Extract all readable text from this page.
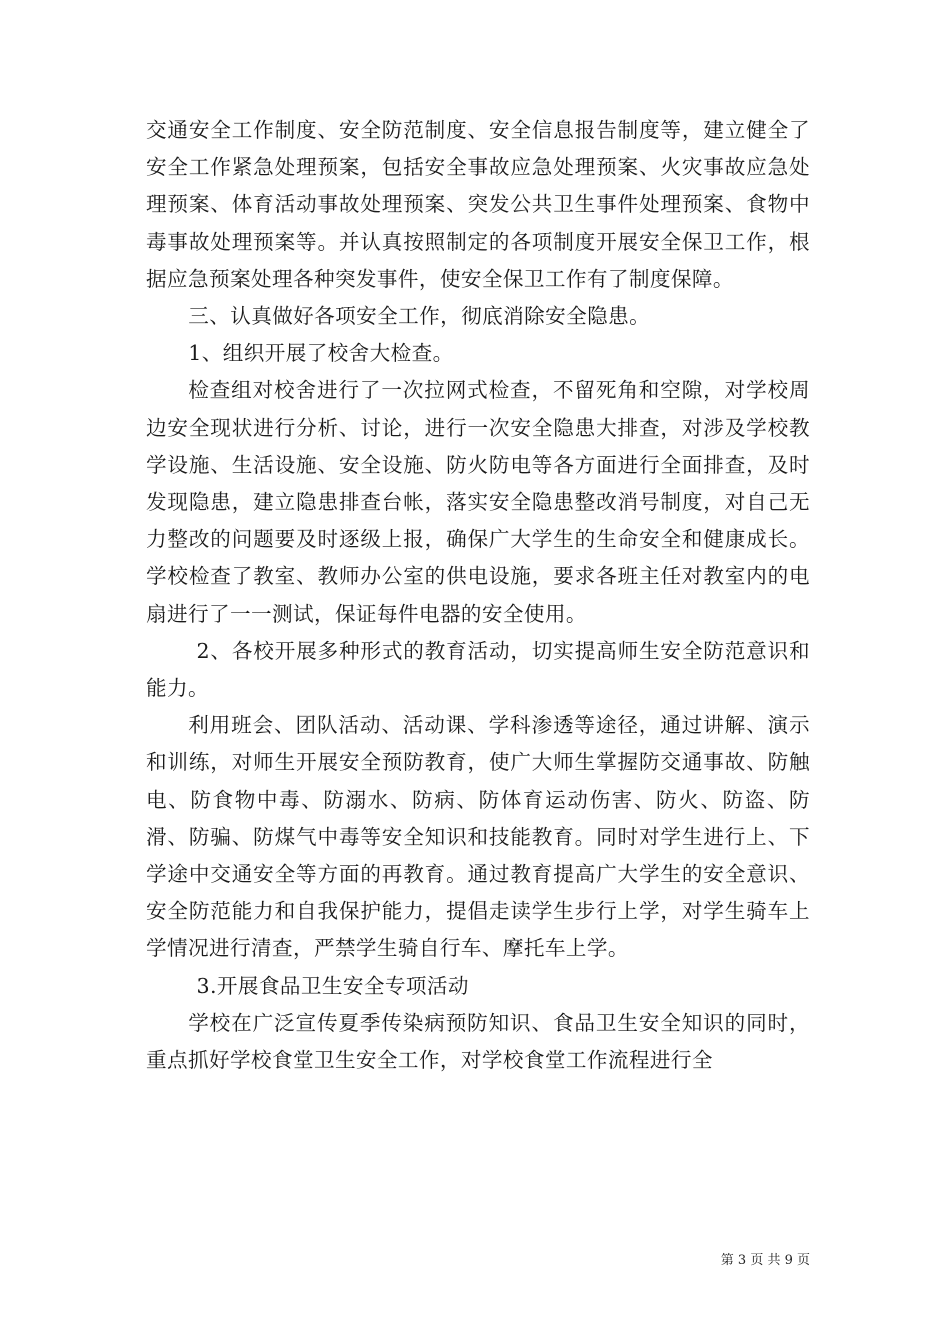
交通安全工作制度、安全防范制度、安全信息报告制度等，建立健全了安全工作紧急处理预案，包括安全事故应急处理预案、火灾事故应急处理预案、体育活动事故处理预案、突发公共卫生事件处理预案、食物中毒事故处理预案等。并认真按照制定的各项制度开展安全保卫工作，根据应急预案处理各种突发事件，使安全保卫工作有了制度保障。

三、认真做好各项安全工作，彻底消除安全隐患。

1、组织开展了校舍大检查。

检查组对校舍进行了一次拉网式检查，不留死角和空隙，对学校周边安全现状进行分析、讨论，进行一次安全隐患大排查，对涉及学校教学设施、生活设施、安全设施、防火防电等各方面进行全面排查，及时发现隐患，建立隐患排查台帐，落实安全隐患整改消号制度，对自己无力整改的问题要及时逐级上报，确保广大学生的生命安全和健康成长。学校检查了教室、教师办公室的供电设施，要求各班主任对教室内的电扇进行了一一测试，保证每件电器的安全使用。

2、各校开展多种形式的教育活动，切实提高师生安全防范意识和能力。

利用班会、团队活动、活动课、学科渗透等途径，通过讲解、演示和训练，对师生开展安全预防教育，使广大师生掌握防交通事故、防触电、防食物中毒、防溺水、防病、防体育运动伤害、防火、防盗、防滑、防骗、防煤气中毒等安全知识和技能教育。同时对学生进行上、下学途中交通安全等方面的再教育。通过教育提高广大学生的安全意识、安全防范能力和自我保护能力，提倡走读学生步行上学，对学生骑车上学情况进行清查，严禁学生骑自行车、摩托车上学。

3.开展食品卫生安全专项活动

学校在广泛宣传夏季传染病预防知识、食品卫生安全知识的同时，重点抓好学校食堂卫生安全工作，对学校食堂工作流程进行全

第 3 页 共 9 页
